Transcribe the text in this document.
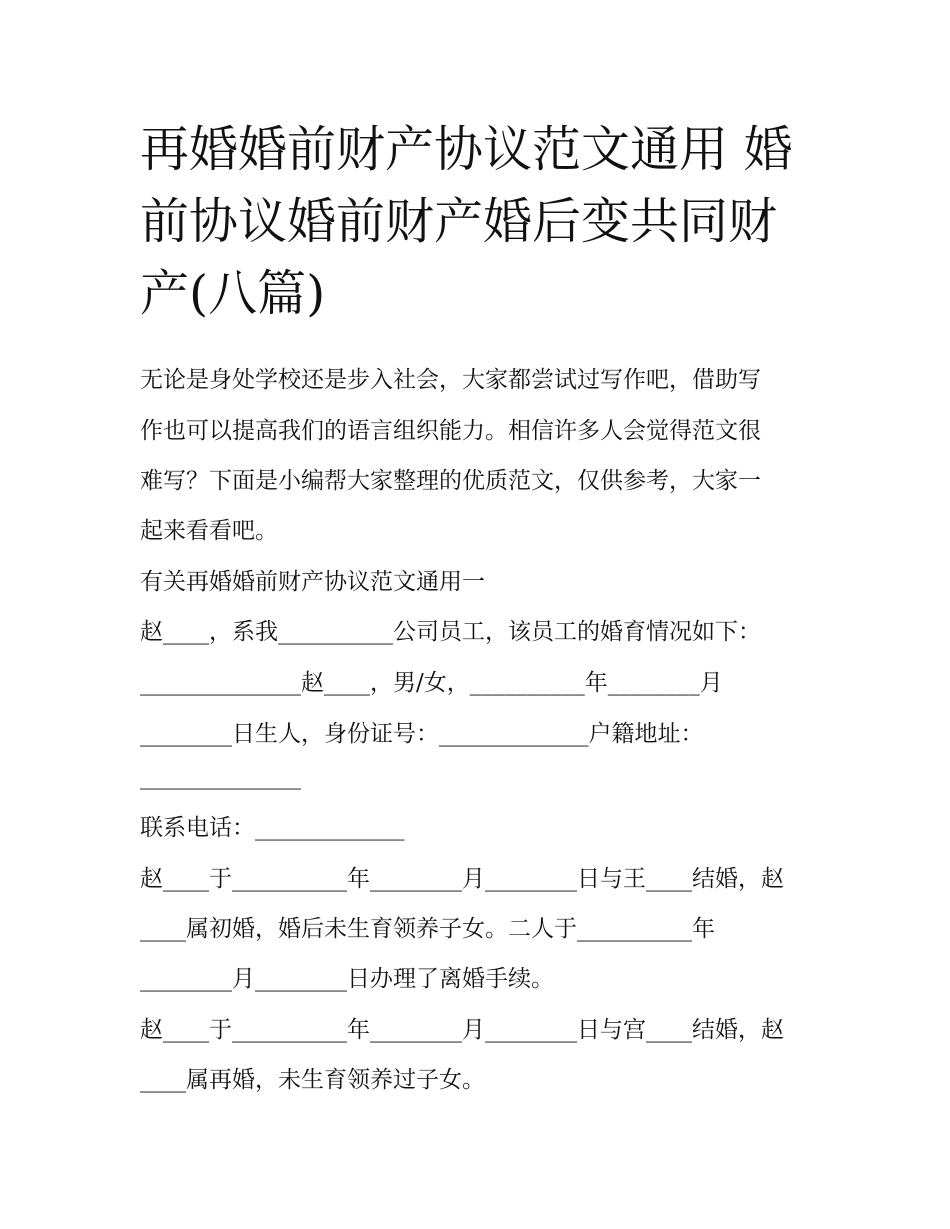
再婚婚前财产协议范文通用 婚前协议婚前财产婚后变共同财产(八篇)

无论是身处学校还是步入社会，大家都尝试过写作吧，借助写

作也可以提高我们的语言组织能力。相信许多人会觉得范文很

难写？下面是小编帮大家整理的优质范文，仅供参考，大家一

起来看看吧。

有关再婚婚前财产协议范文通用一

赵____，系我__________公司员工，该员工的婚育情况如下：

______________赵____，男/女，__________年________月

________日生人，身份证号：_____________户籍地址：

______________

联系电话：_____________

赵____于__________年________月________日与王____结婚，赵

____属初婚，婚后未生育领养子女。二人于__________年

________月________日办理了离婚手续。

赵____于__________年________月________日与宫____结婚，赵

____属再婚，未生育领养过子女。
